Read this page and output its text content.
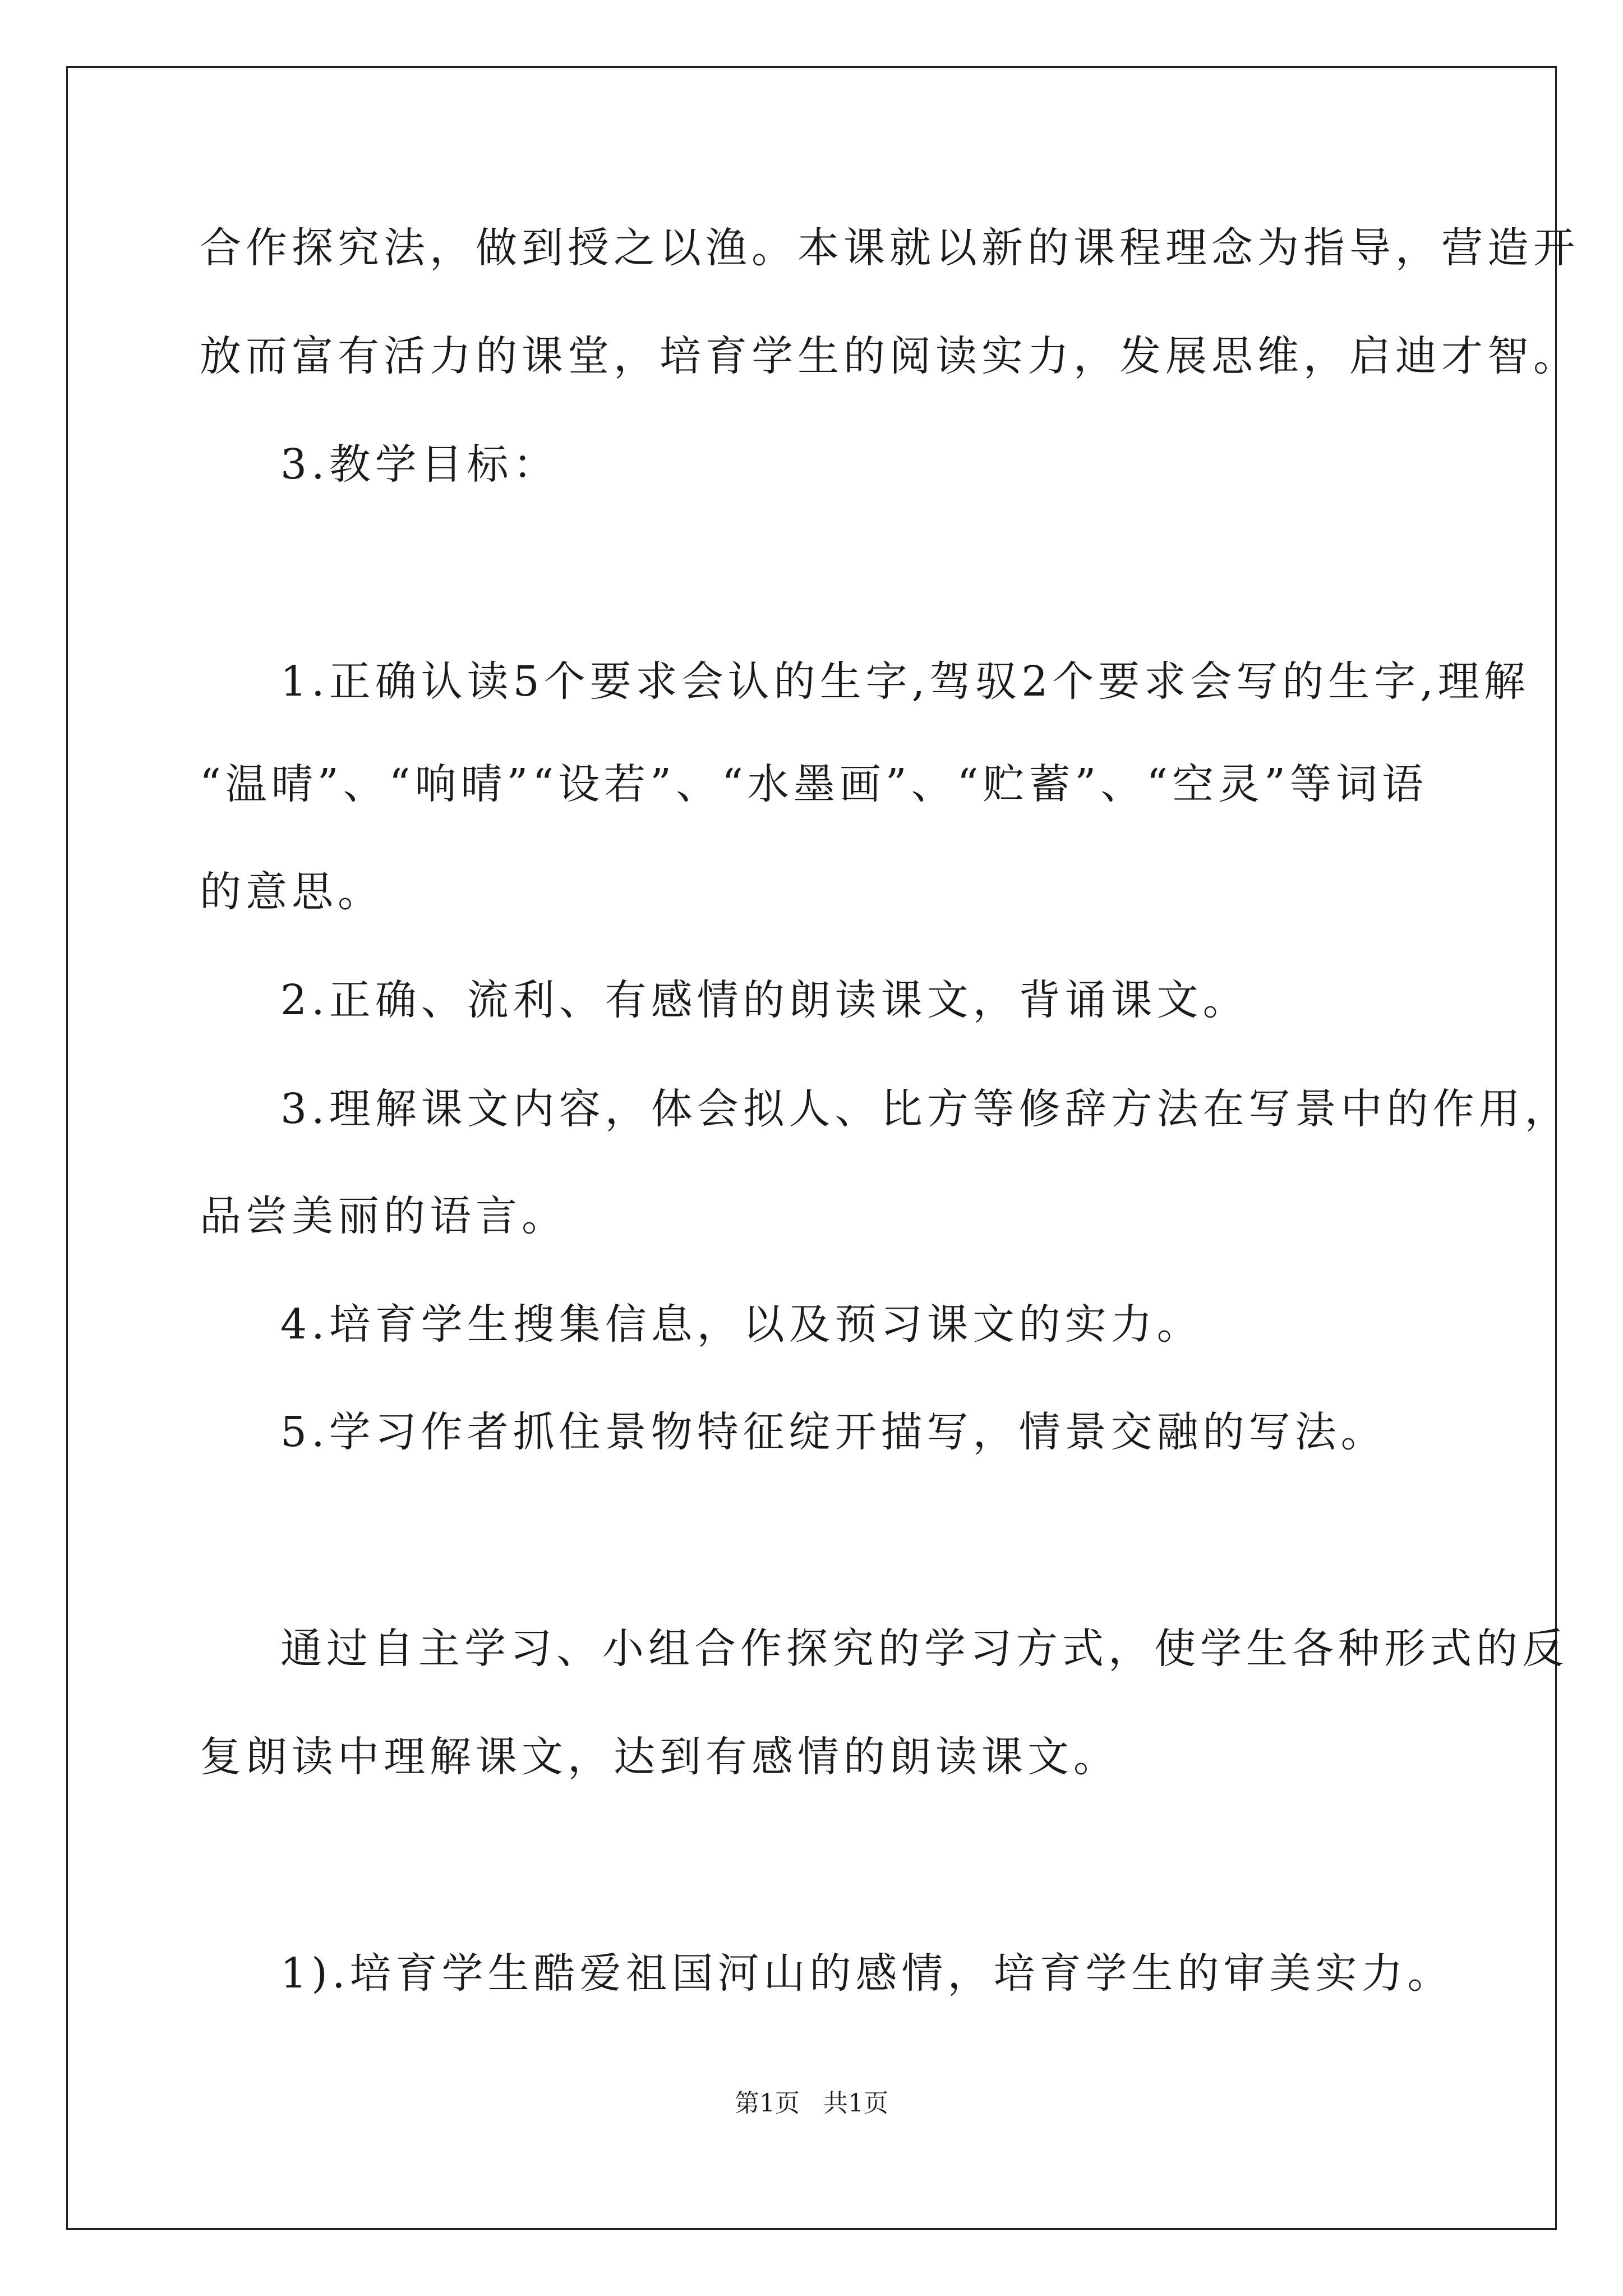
合作探究法，做到授之以渔。本课就以新的课程理念为指导，营造开

放而富有活力的课堂，培育学生的阅读实力，发展思维，启迪才智。

3.教学目标：

1.正确认读5个要求会认的生字,驾驭2个要求会写的生字,理解

“温晴”、“响晴”“设若”、“水墨画”、“贮蓄”、“空灵”等词语

的意思。

2.正确、流利、有感情的朗读课文，背诵课文。

3.理解课文内容，体会拟人、比方等修辞方法在写景中的作用，

品尝美丽的语言。

4.培育学生搜集信息，以及预习课文的实力。

5.学习作者抓住景物特征绽开描写，情景交融的写法。

通过自主学习、小组合作探究的学习方式，使学生各种形式的反

复朗读中理解课文，达到有感情的朗读课文。

1).培育学生酷爱祖国河山的感情，培育学生的审美实力。

第1页 共1页
